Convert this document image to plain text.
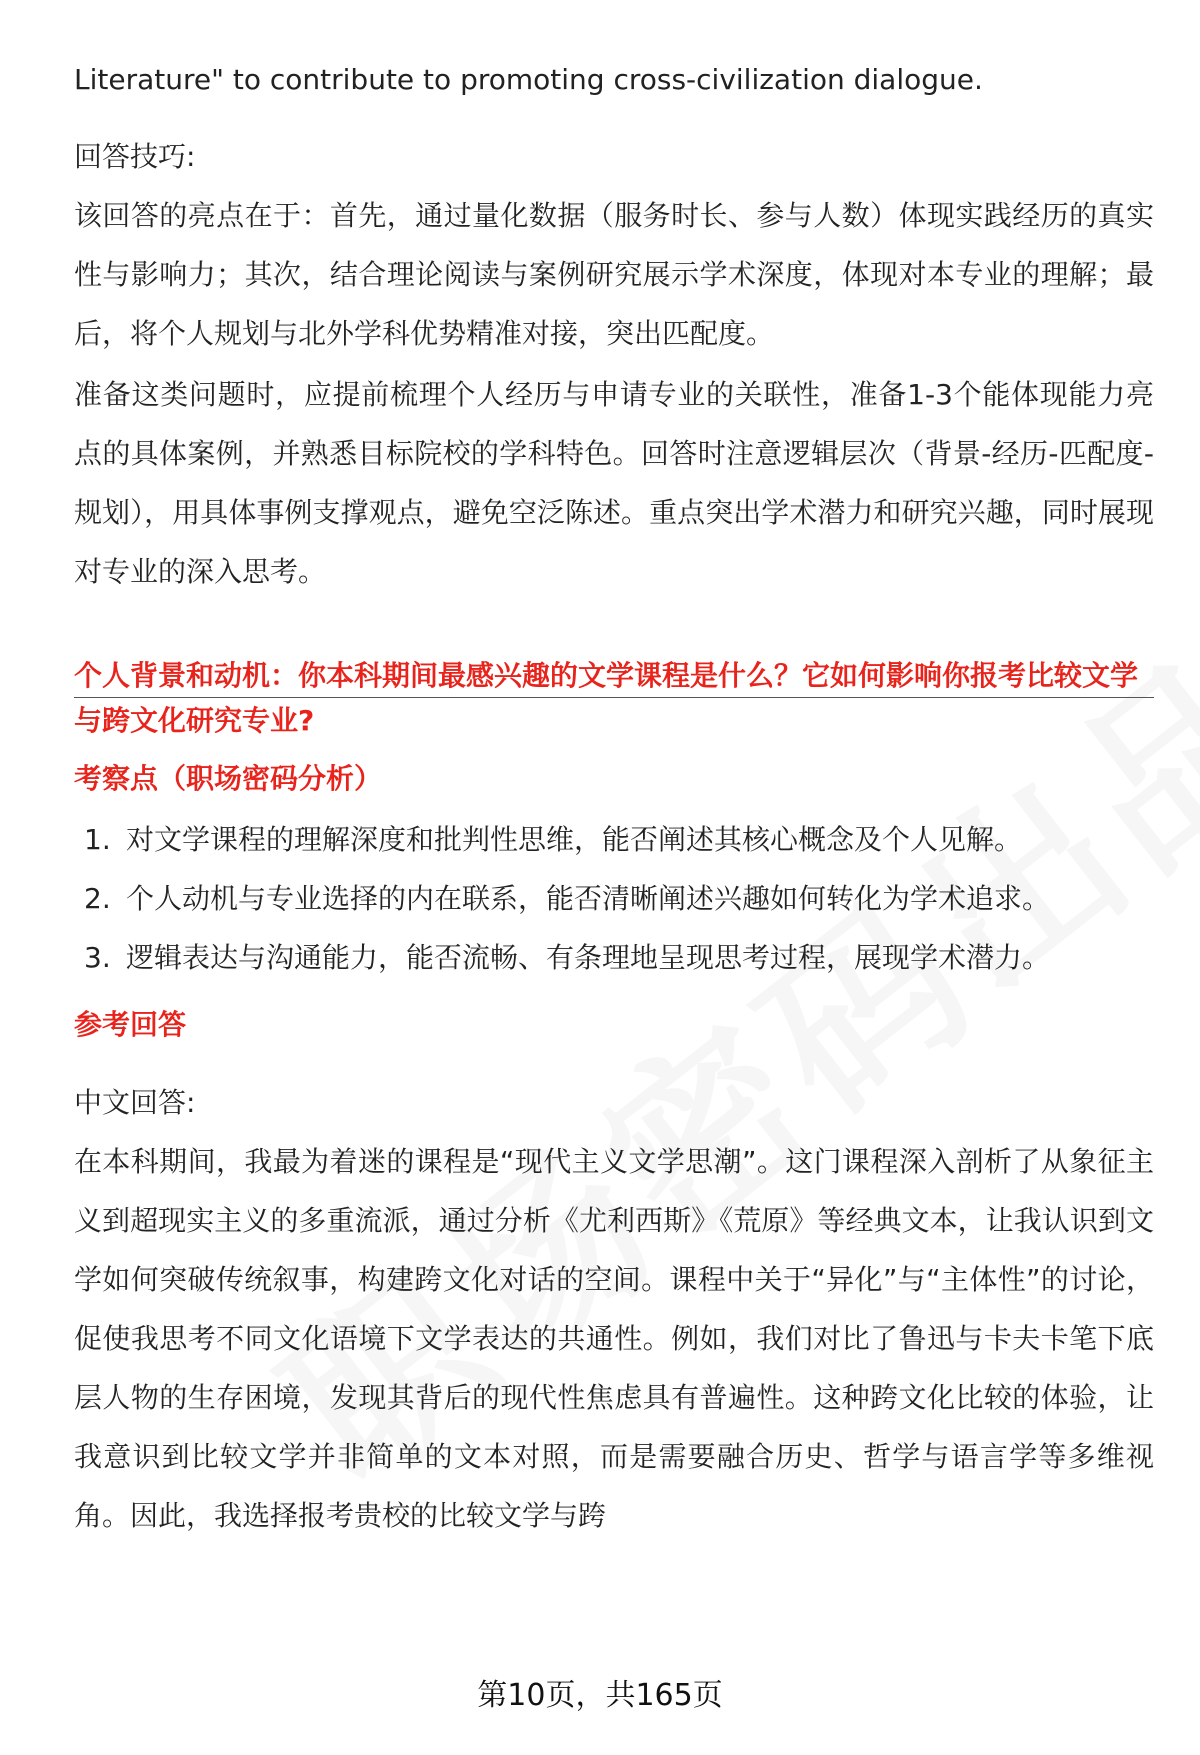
Literature" to contribute to promoting cross-civilization dialogue.

回答技巧:

该回答的亮点在于：首先，通过量化数据（服务时长、参与人数）体现实践经历的真实性与影响力；其次，结合理论阅读与案例研究展示学术深度，体现对本专业的理解；最后，将个人规划与北外学科优势精准对接，突出匹配度。

准备这类问题时，应提前梳理个人经历与申请专业的关联性，准备1-3个能体现能力亮点的具体案例，并熟悉目标院校的学科特色。回答时注意逻辑层次（背景-经历-匹配度-规划），用具体事例支撑观点，避免空泛陈述。重点突出学术潜力和研究兴趣，同时展现对专业的深入思考。

个人背景和动机：你本科期间最感兴趣的文学课程是什么？它如何影响你报考比较文学与跨文化研究专业?

考察点（职场密码分析）

1. 对文学课程的理解深度和批判性思维，能否阐述其核心概念及个人见解。
2. 个人动机与专业选择的内在联系，能否清晰阐述兴趣如何转化为学术追求。
3. 逻辑表达与沟通能力，能否流畅、有条理地呈现思考过程，展现学术潜力。

参考回答

中文回答:

在本科期间，我最为着迷的课程是“现代主义文学思潮”。这门课程深入剖析了从象征主义到超现实主义的多重流派，通过分析《尤利西斯》《荒原》等经典文本，让我认识到文学如何突破传统叙事，构建跨文化对话的空间。课程中关于“异化”与“主体性”的讨论，促使我思考不同文化语境下文学表达的共通性。例如，我们对比了鲁迅与卡夫卡笔下底层人物的生存困境，发现其背后的现代性焦虑具有普遍性。这种跨文化比较的体验，让我意识到比较文学并非简单的文本对照，而是需要融合历史、哲学与语言学等多维视角。因此，我选择报考贵校的比较文学与跨

第10页，共165页
